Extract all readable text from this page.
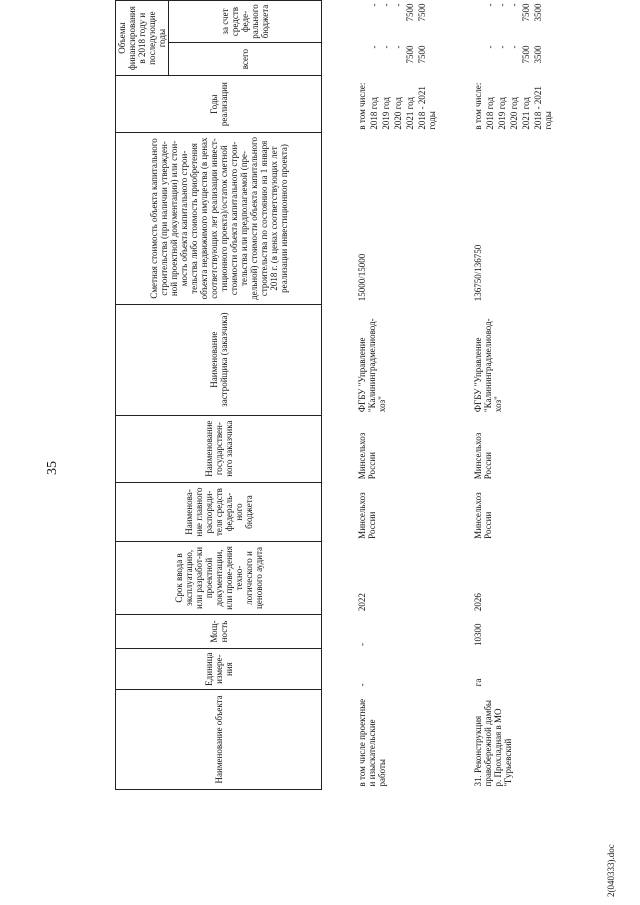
35
Наименование объекта	Единица измере-ния	Мощ-ность	Срок ввода в эксплуатацию, или разработ-ки проектной документации, или прове-дения техно-логического и ценового аудита	Наименова-ние главного распоряди-теля средств федераль-ного бюджета	Наименование государствен-ного заказчика	Наименование застройщика (заказчика)	Сметная стоимость объекта капитального строительства (при наличии утвержден-ной проектной документации) или стои-мость объекта капитального строи-тельства либо стоимость приобретения объекта недвижимого имущества (в ценах соответствующих лет реализации инвест-тиционного проекта)/остаток сметной стоимости объекта капитального строи-тельства или предполагаемой (пре-дельной) стоимости объекта капитального строительства по состоянию на 1 января 2018 г. (в ценах соответствующих лет реализации инвестиционного проекта)	Годы реализации	Объемы финансирования в 2018 году и последующие годы	
									всего	за счет средств феде-рального бюджета

в том числе проектные и изыскательские работы	-	-	2022	Минсельхоз России	Минсельхоз России	ФГБУ "Управление "Калининградмелиовод-хоз"	15000/15000	в том числе:		
								2018 год	-	-
								2019 год	-	-
								2020 год	-	-
								2021 год	7500	7500
								2018 - 2021 годы	7500	7500

31. Реконструкция правобережной дамбы р. Прохладная в МО "Гурьевский	га	10300	2026	Минсельхоз России	Минсельхоз России	ФГБУ "Управление "Калининградмелиовод-хоз"	136750/136750	в том числе:		
								2018 год	-	-
								2019 год	-	-
								2020 год	-	-
								2021 год	7500	7500
								2018 - 2021 годы	3500	3500
2(040333).doc
